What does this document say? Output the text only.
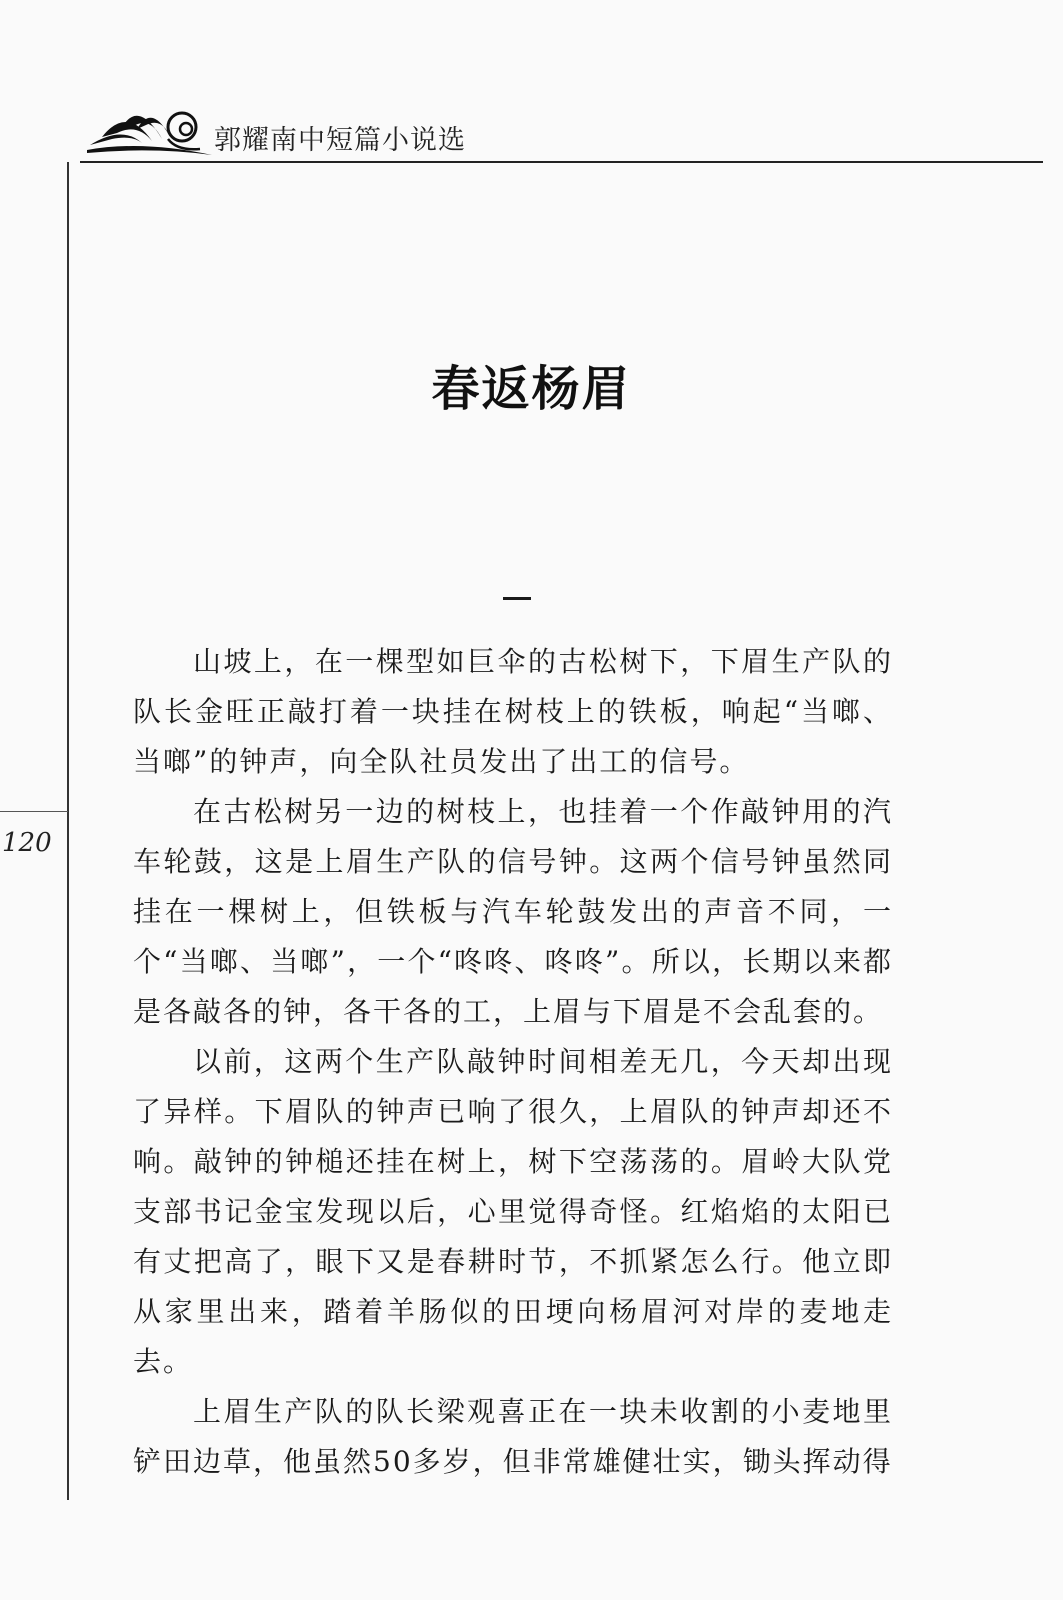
郭耀南中短篇小说选
120
春返杨眉

山坡上，在一棵型如巨伞的古松树下，下眉生产队的队长金旺正敲打着一块挂在树枝上的铁板，响起“当啷、当啷”的钟声，向全队社员发出了出工的信号。

在古松树另一边的树枝上，也挂着一个作敲钟用的汽车轮鼓，这是上眉生产队的信号钟。这两个信号钟虽然同挂在一棵树上，但铁板与汽车轮鼓发出的声音不同，一个“当啷、当啷”，一个“咚咚、咚咚”。所以，长期以来都是各敲各的钟，各干各的工，上眉与下眉是不会乱套的。

以前，这两个生产队敲钟时间相差无几，今天却出现了异样。下眉队的钟声已响了很久，上眉队的钟声却还不响。敲钟的钟槌还挂在树上，树下空荡荡的。眉岭大队党支部书记金宝发现以后，心里觉得奇怪。红焰焰的太阳已有丈把高了，眼下又是春耕时节，不抓紧怎么行。他立即从家里出来，踏着羊肠似的田埂向杨眉河对岸的麦地走去。

上眉生产队的队长梁观喜正在一块未收割的小麦地里铲田边草，他虽然50多岁，但非常雄健壮实，锄头挥动得
